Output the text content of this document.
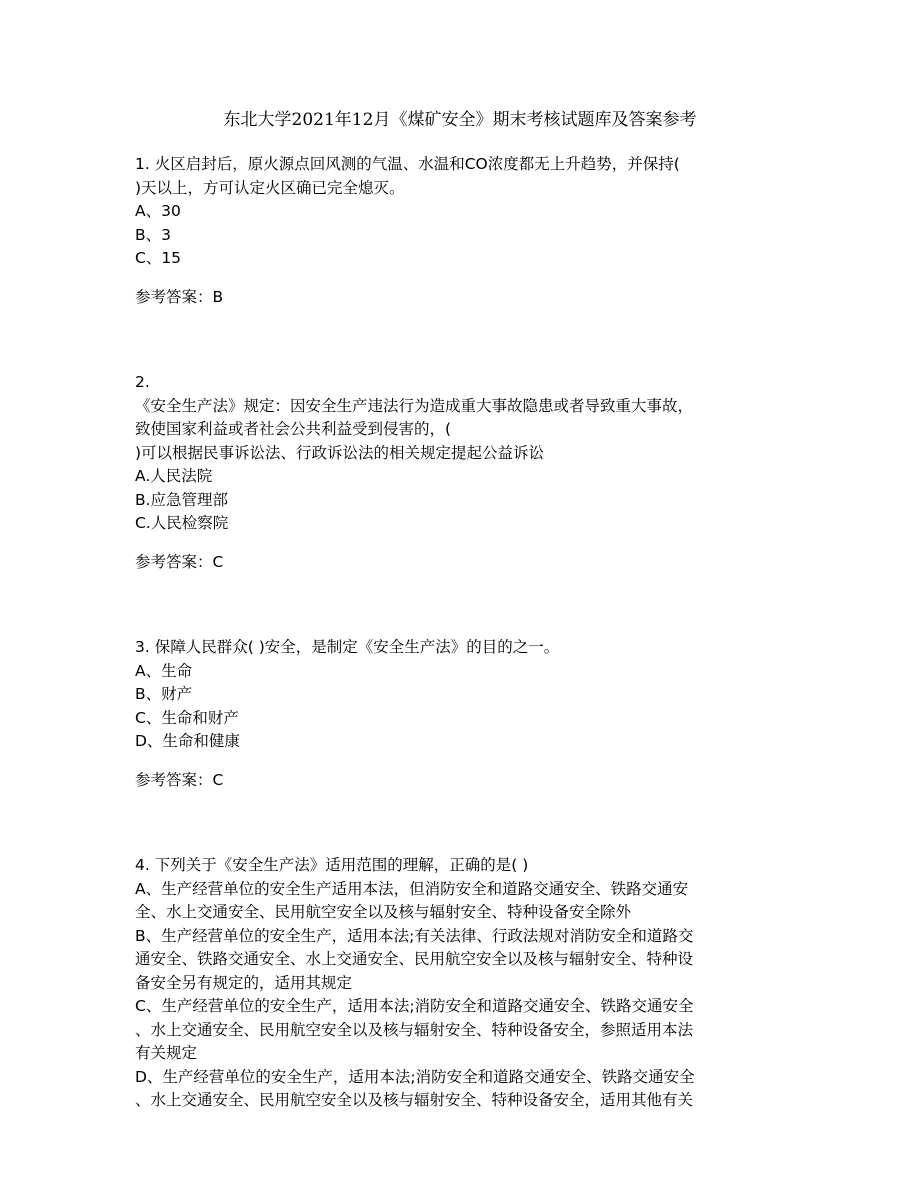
东北大学2021年12月《煤矿安全》期末考核试题库及答案参考
1. 火区启封后，原火源点回风测的气温、水温和CO浓度都无上升趋势，并保持(
)天以上，方可认定火区确已完全熄灭。
A、30
B、3
C、15
参考答案：B
2.
《安全生产法》规定：因安全生产违法行为造成重大事故隐患或者导致重大事故，
致使国家利益或者社会公共利益受到侵害的，(
)可以根据民事诉讼法、行政诉讼法的相关规定提起公益诉讼
A.人民法院
B.应急管理部
C.人民检察院
参考答案：C
3. 保障人民群众( )安全，是制定《安全生产法》的目的之一。
A、生命
B、财产
C、生命和财产
D、生命和健康
参考答案：C
4. 下列关于《安全生产法》适用范围的理解，正确的是( )
A、生产经营单位的安全生产适用本法，但消防安全和道路交通安全、铁路交通安
全、水上交通安全、民用航空安全以及核与辐射安全、特种设备安全除外
B、生产经营单位的安全生产，适用本法;有关法律、行政法规对消防安全和道路交
通安全、铁路交通安全、水上交通安全、民用航空安全以及核与辐射安全、特种设
备安全另有规定的，适用其规定
C、生产经营单位的安全生产，适用本法;消防安全和道路交通安全、铁路交通安全
、水上交通安全、民用航空安全以及核与辐射安全、特种设备安全，参照适用本法
有关规定
D、生产经营单位的安全生产，适用本法;消防安全和道路交通安全、铁路交通安全
、水上交通安全、民用航空安全以及核与辐射安全、特种设备安全，适用其他有关
